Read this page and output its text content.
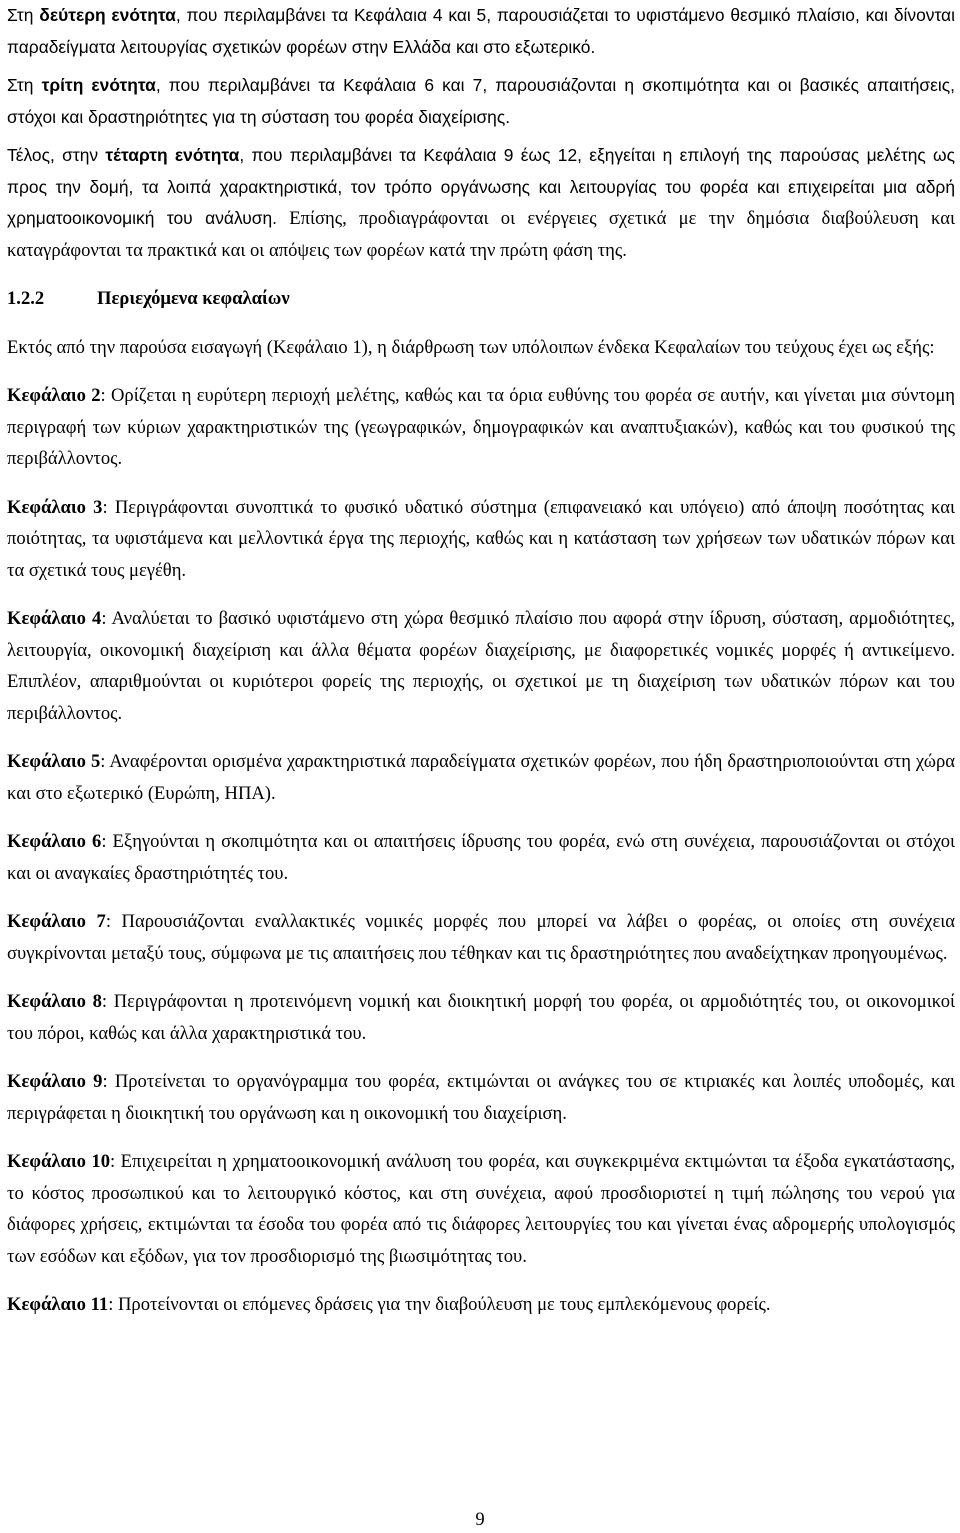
Στη δεύτερη ενότητα, που περιλαμβάνει τα Κεφάλαια 4 και 5, παρουσιάζεται το υφιστάμενο θεσμικό πλαίσιο, και δίνονται παραδείγματα λειτουργίας σχετικών φορέων στην Ελλάδα και στο εξωτερικό.

Στη τρίτη ενότητα, που περιλαμβάνει τα Κεφάλαια 6 και 7, παρουσιάζονται η σκοπιμότητα και οι βασικές απαιτήσεις, στόχοι και δραστηριότητες για τη σύσταση του φορέα διαχείρισης.

Τέλος, στην τέταρτη ενότητα, που περιλαμβάνει τα Κεφάλαια 9 έως 12, εξηγείται η επιλογή της παρούσας μελέτης ως προς την δομή, τα λοιπά χαρακτηριστικά, τον τρόπο οργάνωσης και λειτουργίας του φορέα και επιχειρείται μια αδρή χρηματοοικονομική του ανάλυση. Επίσης, προδιαγράφονται οι ενέργειες σχετικά με την δημόσια διαβούλευση και καταγράφονται τα πρακτικά και οι απόψεις των φορέων κατά την πρώτη φάση της.

1.2.2	Περιεχόμενα κεφαλαίων

Εκτός από την παρούσα εισαγωγή (Κεφάλαιο 1), η διάρθρωση των υπόλοιπων ένδεκα Κεφαλαίων του τεύχους έχει ως εξής:

Κεφάλαιο 2: Ορίζεται η ευρύτερη περιοχή μελέτης, καθώς και τα όρια ευθύνης του φορέα σε αυτήν, και γίνεται μια σύντομη περιγραφή των κύριων χαρακτηριστικών της (γεωγραφικών, δημογραφικών και αναπτυξιακών), καθώς και του φυσικού της περιβάλλοντος.

Κεφάλαιο 3: Περιγράφονται συνοπτικά το φυσικό υδατικό σύστημα (επιφανειακό και υπόγειο) από άποψη ποσότητας και ποιότητας, τα υφιστάμενα και μελλοντικά έργα της περιοχής, καθώς και η κατάσταση των χρήσεων των υδατικών πόρων και τα σχετικά τους μεγέθη.

Κεφάλαιο 4: Αναλύεται το βασικό υφιστάμενο στη χώρα θεσμικό πλαίσιο που αφορά στην ίδρυση, σύσταση, αρμοδιότητες, λειτουργία, οικονομική διαχείριση και άλλα θέματα φορέων διαχείρισης, με διαφορετικές νομικές μορφές ή αντικείμενο. Επιπλέον, απαριθμούνται οι κυριότεροι φορείς της περιοχής, οι σχετικοί με τη διαχείριση των υδατικών πόρων και του περιβάλλοντος.

Κεφάλαιο 5: Αναφέρονται ορισμένα χαρακτηριστικά παραδείγματα σχετικών φορέων, που ήδη δραστηριοποιούνται στη χώρα και στο εξωτερικό (Ευρώπη, ΗΠΑ).

Κεφάλαιο 6: Εξηγούνται η σκοπιμότητα και οι απαιτήσεις ίδρυσης του φορέα, ενώ στη συνέχεια, παρουσιάζονται οι στόχοι και οι αναγκαίες δραστηριότητές του.

Κεφάλαιο 7: Παρουσιάζονται εναλλακτικές νομικές μορφές που μπορεί να λάβει ο φορέας, οι οποίες στη συνέχεια συγκρίνονται μεταξύ τους, σύμφωνα με τις απαιτήσεις που τέθηκαν και τις δραστηριότητες που αναδείχτηκαν προηγουμένως.

Κεφάλαιο 8: Περιγράφονται η προτεινόμενη νομική και διοικητική μορφή του φορέα, οι αρμοδιότητές του, οι οικονομικοί του πόροι, καθώς και άλλα χαρακτηριστικά του.

Κεφάλαιο 9: Προτείνεται το οργανόγραμμα του φορέα, εκτιμώνται οι ανάγκες του σε κτιριακές και λοιπές υποδομές, και περιγράφεται η διοικητική του οργάνωση και η οικονομική του διαχείριση.

Κεφάλαιο 10: Επιχειρείται η χρηματοοικονομική ανάλυση του φορέα, και συγκεκριμένα εκτιμώνται τα έξοδα εγκατάστασης, το κόστος προσωπικού και το λειτουργικό κόστος, και στη συνέχεια, αφού προσδιοριστεί η τιμή πώλησης του νερού για διάφορες χρήσεις, εκτιμώνται τα έσοδα του φορέα από τις διάφορες λειτουργίες του και γίνεται ένας αδρομερής υπολογισμός των εσόδων και εξόδων, για τον προσδιορισμό της βιωσιμότητας του.

Κεφάλαιο 11: Προτείνονται οι επόμενες δράσεις για την διαβούλευση με τους εμπλεκόμενους φορείς.

9
